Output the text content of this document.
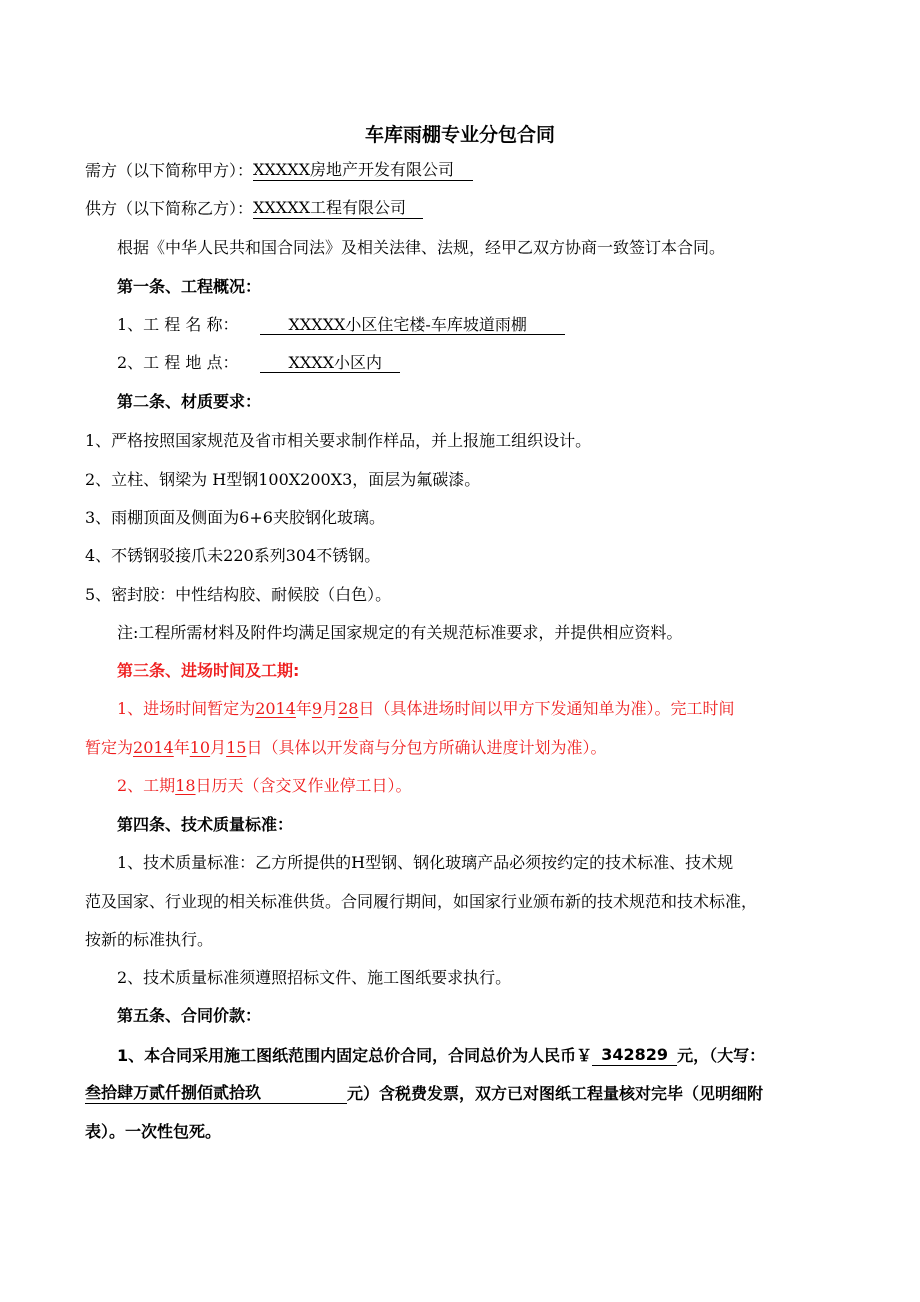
车库雨棚专业分包合同
需方（以下简称甲方）：XXXXX房地产开发有限公司
供方（以下简称乙方）：XXXXX工程有限公司
根据《中华人民共和国合同法》及相关法律、法规，经甲乙双方协商一致签订本合同。
第一条、工程概况：
1、工 程 名 称：	XXXXX小区住宅楼-车库坡道雨棚
2、工 程 地 点：	XXXX小区内
第二条、材质要求：
1、严格按照国家规范及省市相关要求制作样品，并上报施工组织设计。
2、立柱、钢梁为 H型钢100X200X3，面层为氟碳漆。
3、雨棚顶面及侧面为6+6夹胶钢化玻璃。
4、不锈钢驳接爪未220系列304不锈钢。
5、密封胶：中性结构胶、耐候胶（白色）。
注:工程所需材料及附件均满足国家规定的有关规范标准要求，并提供相应资料。
第三条、进场时间及工期:
1、进场时间暂定为2014年9月28日（具体进场时间以甲方下发通知单为准）。完工时间
暂定为2014年10月15日（具体以开发商与分包方所确认进度计划为准）。
2、工期18日历天（含交叉作业停工日）。
第四条、技术质量标准：
1、技术质量标准：乙方所提供的H型钢、钢化玻璃产品必须按约定的技术标准、技术规
范及国家、行业现的相关标准供货。合同履行期间，如国家行业颁布新的技术规范和技术标准，
按新的标准执行。
2、技术质量标准须遵照招标文件、施工图纸要求执行。
第五条、合同价款：
1、本合同采用施工图纸范围内固定总价合同，合同总价为人民币￥ 342829 元，（大写：
叁拾肆万贰仟捌佰贰拾玖	元）含税费发票，双方已对图纸工程量核对完毕（见明细附
表）。一次性包死。
